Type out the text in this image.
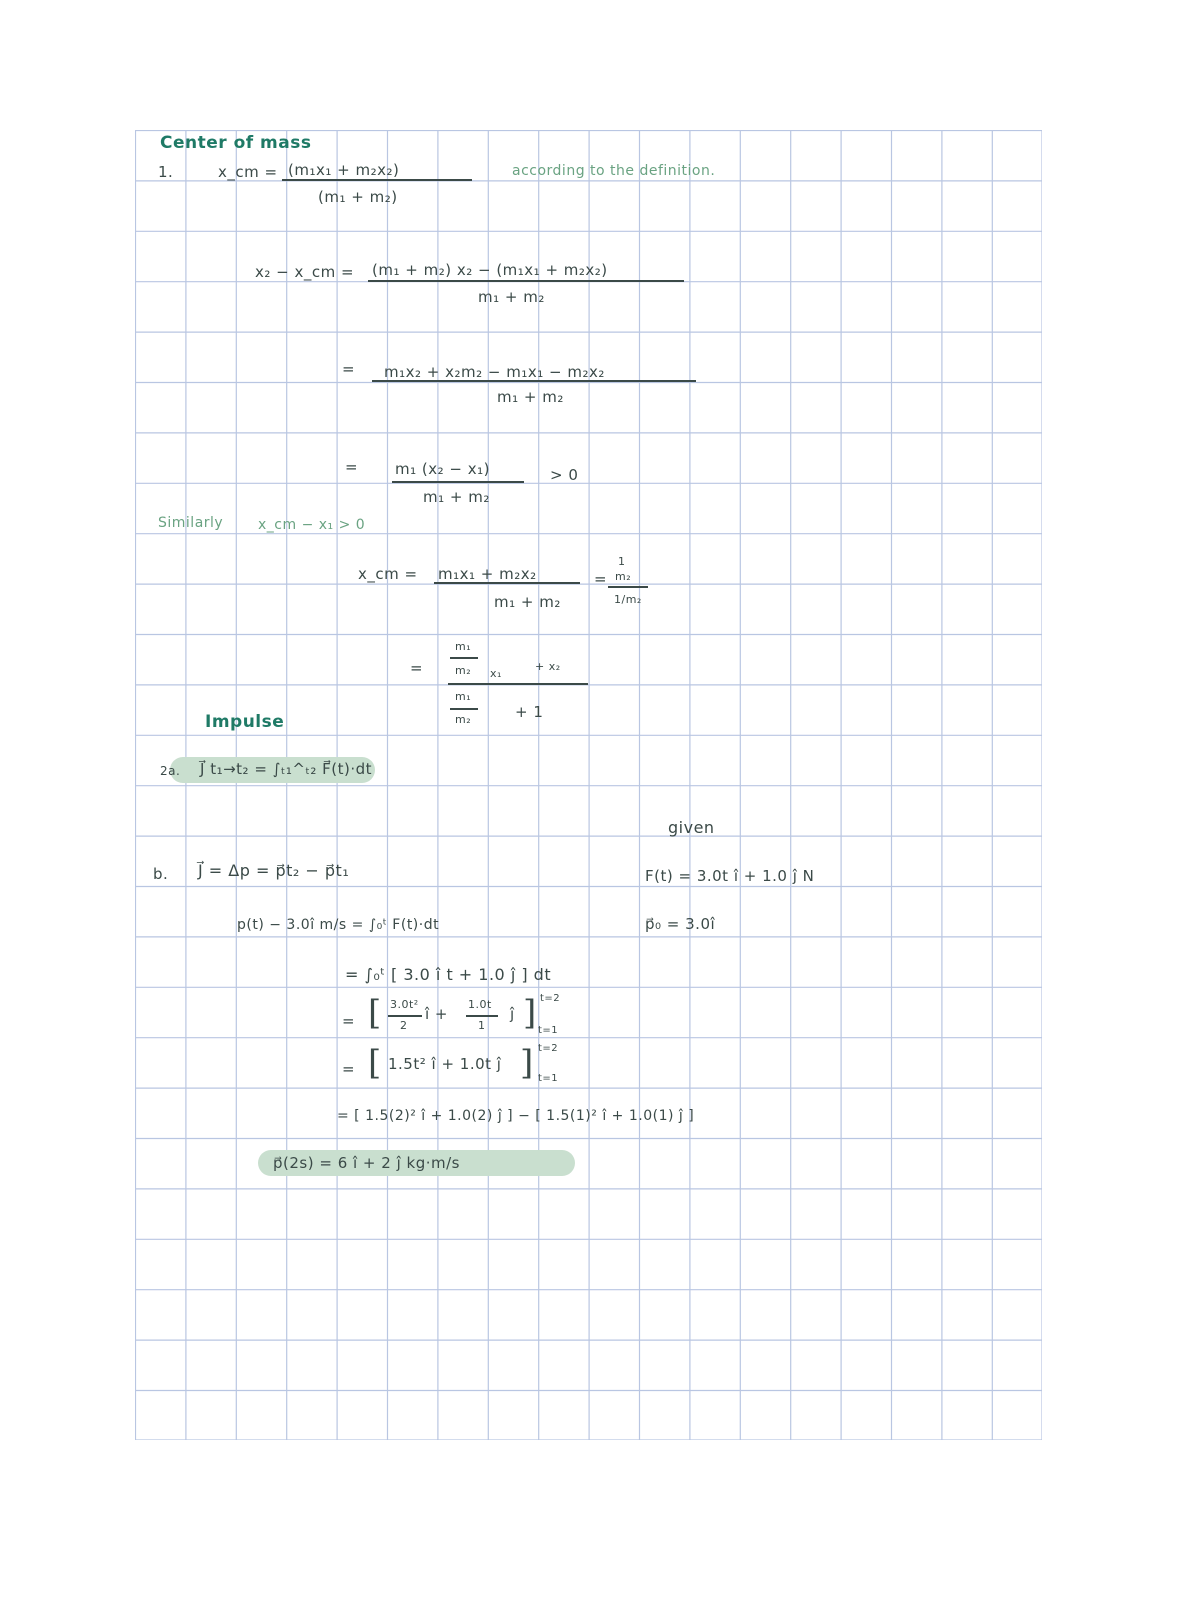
Center of mass
1.	x_cm = (m₁x₁ + m₂x₂)
(m₁ + m₂)
according to the definition.
x₂ − x_cm = (m₁ + m₂) x₂ − (m₁x₁ + m₂x₂)
m₁ + m₂
= m₁x₂ + x₂m₂ − m₁x₁ − m₂x₂
m₁ + m₂
= m₁ (x₂ − x₁)
m₁ + m₂
> 0
Similarly x_cm − x₁ > 0
x_cm = m₁x₁ + m₂x₂
m₁ + m₂
=
1
m₂
1/m₂
=
m₁
m₂ x₁
+ x₂
m₁
m₂	+ 1
Impulse
2a. J⃗ t₁→t₂ = ∫ₜ₁^ₜ₂ F⃗(t)·dt
given
b. J⃗ = Δp = p⃗t₂ − p⃗t₁	F(t) = 3.0t î + 1.0 ĵ N
p(t) − 3.0î m/s = ∫₀ᵗ F(t)·dt	p⃗₀ = 3.0î
= ∫₀ᵗ [ 3.0 î t + 1.0 ĵ ] dt
= [ 3.0t²
2
î +
1.0t
1
ĵ ] t=2
t=1
= [ 1.5t² î + 1.0t ĵ ] t=2
t=1
= [ 1.5(2)² î + 1.0(2) ĵ ] − [ 1.5(1)² î + 1.0(1) ĵ ]
p⃗(2s) = 6 î + 2 ĵ kg·m/s
